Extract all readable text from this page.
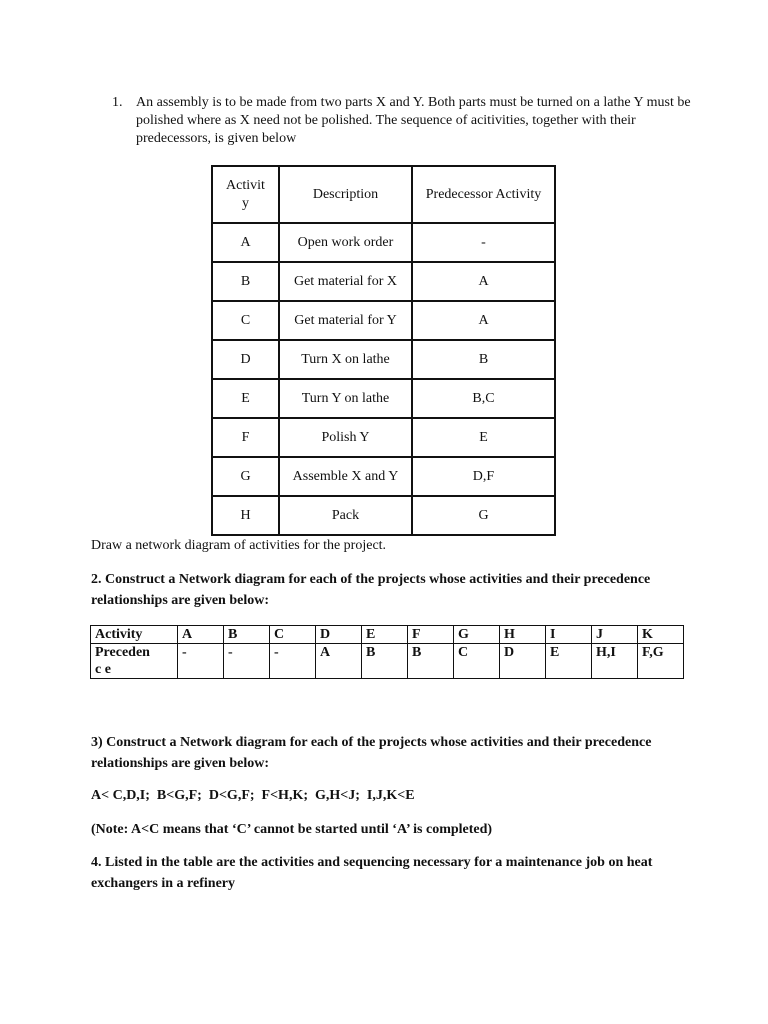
1. An assembly is to be made from two parts X and Y. Both parts must be turned on a lathe Y must be polished where as X need not be polished. The sequence of acitivities, together with their predecessors, is given below
Activit y	Description	Predecessor Activity
A	Open work order	-
B	Get material for X	A
C	Get material for Y	A
D	Turn X on lathe	B
E	Turn Y on lathe	B,C
F	Polish Y	E
G	Assemble X and Y	D,F
H	Pack	G
Draw a network diagram of activities for the project.
2. Construct a Network diagram for each of the projects whose activities and their precedence relationships are given below:
Activity	A	B	C	D	E	F	G	H	I	J	K

Precedenc e	-	-	-	A	B	B	C	D	E	H,I	F,G
3) Construct a Network diagram for each of the projects whose activities and their precedence relationships are given below:
A< C,D,I;  B<G,F;  D<G,F;  F<H,K;  G,H<J;  I,J,K<E
(Note: A<C means that ‘C’ cannot be started until ‘A’ is completed)
4. Listed in the table are the activities and sequencing necessary for a maintenance job on heat exchangers in a refinery
